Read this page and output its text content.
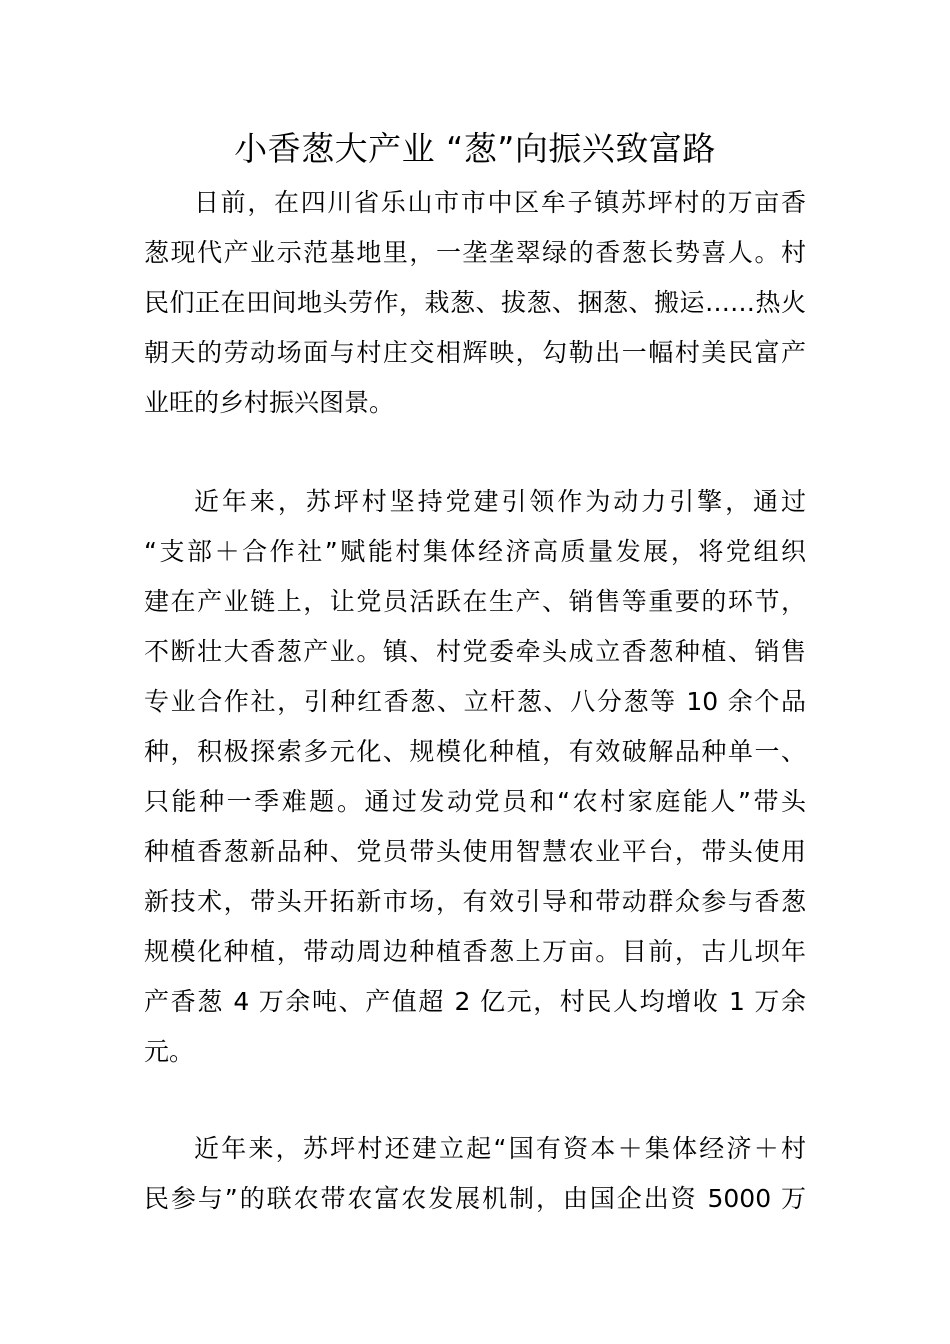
小香葱大产业 “葱”向振兴致富路
日前，在四川省乐山市市中区牟子镇苏坪村的万亩香
葱现代产业示范基地里，一垄垄翠绿的香葱长势喜人。村
民们正在田间地头劳作，栽葱、拔葱、捆葱、搬运……热火
朝天的劳动场面与村庄交相辉映，勾勒出一幅村美民富产
业旺的乡村振兴图景。
近年来，苏坪村坚持党建引领作为动力引擎，通过
“支部＋合作社”赋能村集体经济高质量发展，将党组织
建在产业链上，让党员活跃在生产、销售等重要的环节，
不断壮大香葱产业。镇、村党委牵头成立香葱种植、销售
专业合作社，引种红香葱、立杆葱、八分葱等 10 余个品
种，积极探索多元化、规模化种植，有效破解品种单一、
只能种一季难题。通过发动党员和“农村家庭能人”带头
种植香葱新品种、党员带头使用智慧农业平台，带头使用
新技术，带头开拓新市场，有效引导和带动群众参与香葱
规模化种植，带动周边种植香葱上万亩。目前，古儿坝年
产香葱 4 万余吨、产值超 2 亿元，村民人均增收 1 万余
元。
近年来，苏坪村还建立起“国有资本＋集体经济＋村
民参与”的联农带农富农发展机制，由国企出资 5000 万
